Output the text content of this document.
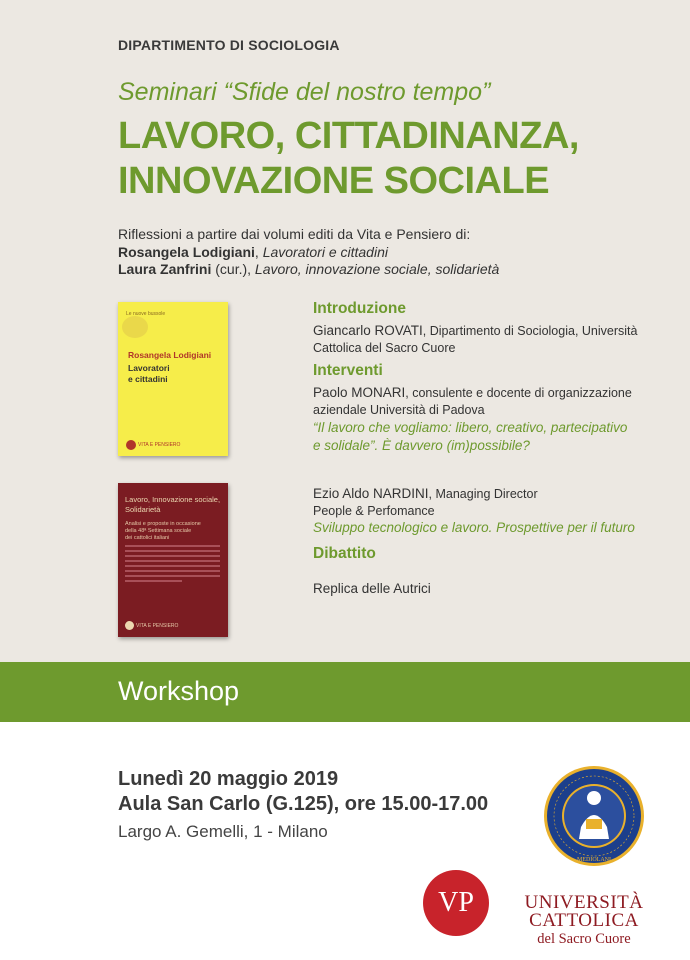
DIPARTIMENTO DI SOCIOLOGIA
Seminari “Sfide del nostro tempo”
LAVORO, CITTADINANZA,
INNOVAZIONE SOCIALE
Riflessioni a partire dai volumi editi da Vita e Pensiero di:
Rosangela Lodigiani, Lavoratori e cittadini
Laura Zanfrini (cur.), Lavoro, innovazione sociale, solidarietà
Le nuove bussole
Rosangela Lodigiani
Lavoratori
e cittadini
VITA E PENSIERO
Lavoro, Innovazione sociale,
Solidarietà
Analisi e proposte in occasione
della 48ª Settimana sociale
dei cattolici italiani
VITA E PENSIERO
Introduzione
Giancarlo ROVATI, Dipartimento di Sociologia, Università
Cattolica del Sacro Cuore
Interventi
Paolo MONARI, consulente e docente di organizzazione
aziendale Università di Padova
“Il lavoro che vogliamo: libero, creativo, partecipativo
e solidale”. È davvero (im)possibile?
Ezio Aldo NARDINI, Managing Director
People & Perfomance
Sviluppo tecnologico e lavoro. Prospettive per il futuro
Dibattito
Replica delle Autrici
Workshop
Lunedì 20 maggio 2019
Aula San Carlo (G.125), ore 15.00-17.00
Largo A. Gemelli, 1 - Milano
VP
MEDIOLANI
UNIVERSITÀ
CATTOLICA
del Sacro Cuore
